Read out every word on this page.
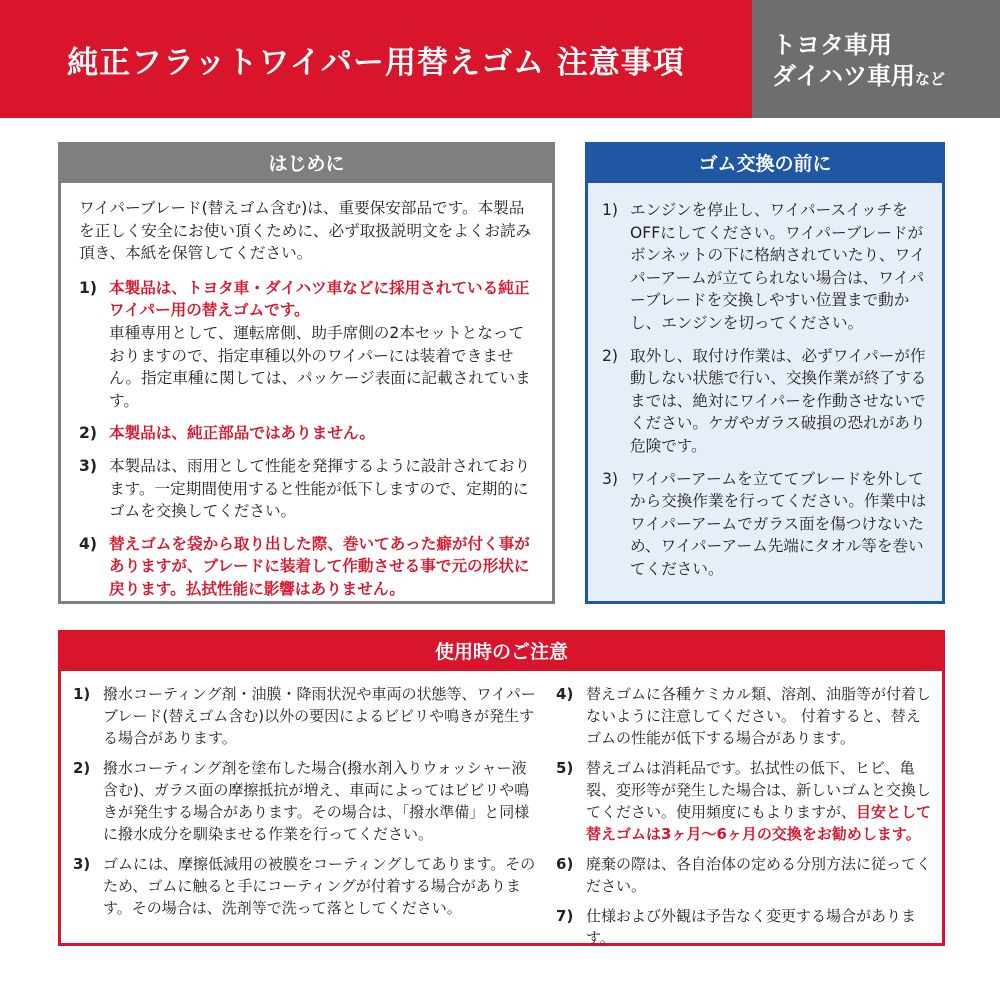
純正フラットワイパー用替えゴム 注意事項	トヨタ車用
ダイハツ車用など
はじめに

ワイパーブレード(替えゴム含む)は、重要保安部品です。本製品を正しく安全にお使い頂くために、必ず取扱説明文をよくお読み頂き、本紙を保管してください。

1) 本製品は、トヨタ車・ダイハツ車などに採用されている純正ワイパー用の替えゴムです。
車種専用として、運転席側、助手席側の2本セットとなっておりますので、指定車種以外のワイパーには装着できません。指定車種に関しては、パッケージ表面に記載されています。
2) 本製品は、純正部品ではありません。
3) 本製品は、雨用として性能を発揮するように設計されております。一定期間使用すると性能が低下しますので、定期的にゴムを交換してください。
4) 替えゴムを袋から取り出した際、巻いてあった癖が付く事がありますが、ブレードに装着して作動させる事で元の形状に戻ります。払拭性能に影響はありません。
ゴム交換の前に
1) エンジンを停止し、ワイパースイッチをOFFにしてください。ワイパーブレードがボンネットの下に格納されていたり、ワイパーアームが立てられない場合は、ワイパーブレードを交換しやすい位置まで動かし、エンジンを切ってください。
2) 取外し、取付け作業は、必ずワイパーが作動しない状態で行い、交換作業が終了するまでは、絶対にワイパーを作動させないでください。ケガやガラス破損の恐れがあり危険です。
3) ワイパーアームを立ててブレードを外してから交換作業を行ってください。作業中はワイパーアームでガラス面を傷つけないため、ワイパーアーム先端にタオル等を巻いてください。
使用時のご注意
1) 撥水コーティング剤・油膜・降雨状況や車両の状態等、ワイパーブレード(替えゴム含む)以外の要因によるビビリや鳴きが発生する場合があります。
2) 撥水コーティング剤を塗布した場合(撥水剤入りウォッシャー液含む)、ガラス面の摩擦抵抗が増え、車両によってはビビリや鳴きが発生する場合があります。その場合は、「撥水準備」と同様に撥水成分を馴染ませる作業を行ってください。
3) ゴムには、摩擦低減用の被膜をコーティングしてあります。そのため、ゴムに触ると手にコーティングが付着する場合があります。その場合は、洗剤等で洗って落としてください。
4) 替えゴムに各種ケミカル類、溶剤、油脂等が付着しないように注意してください。 付着すると、替えゴムの性能が低下する場合があります。
5) 替えゴムは消耗品です。払拭性の低下、ヒビ、亀裂、変形等が発生した場合は、新しいゴムと交換してください。使用頻度にもよりますが、目安として替えゴムは3ヶ月〜6ヶ月の交換をお勧めします。
6) 廃棄の際は、各自治体の定める分別方法に従ってください。
7) 仕様および外観は予告なく変更する場合があります。
